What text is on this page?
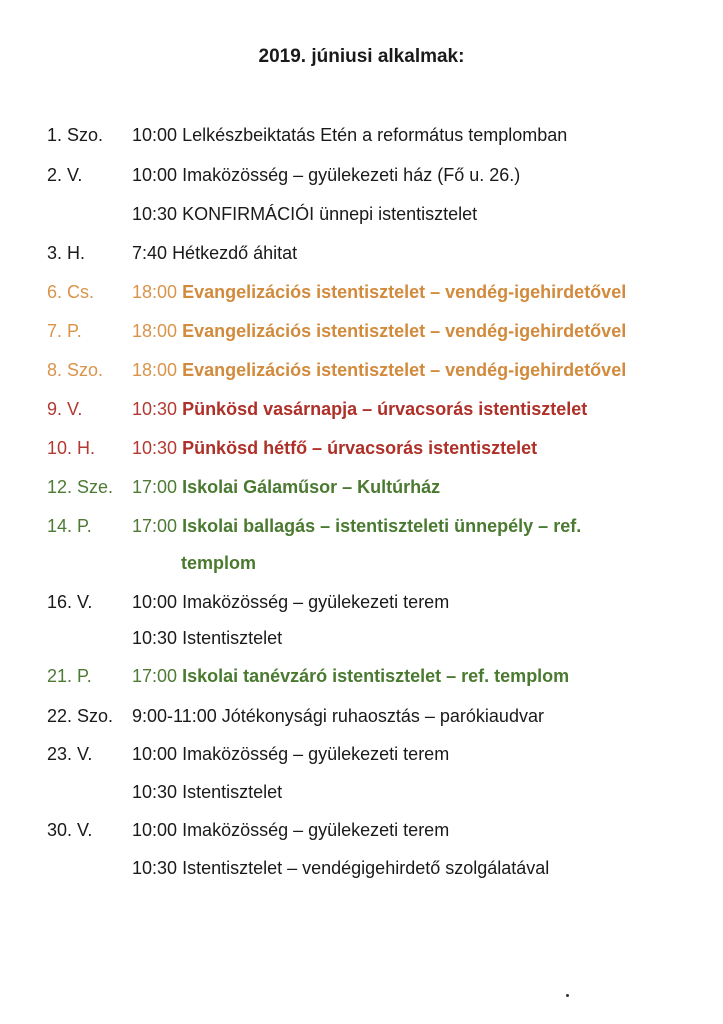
2019. júniusi alkalmak:
1. Szo. 10:00 Lelkészbeiktatás Etén a református templomban
2. V.	10:00 Imaközösség – gyülekezeti ház (Fő u. 26.)
10:30 KONFIRMÁCIÓI ünnepi istentisztelet
3. H.	7:40 Hétkezdő áhitat
6. Cs. 18:00 Evangelizációs istentisztelet – vendég-igehirdetővel
7. P.	18:00 Evangelizációs istentisztelet – vendég-igehirdetővel
8. Szo. 18:00 Evangelizációs istentisztelet – vendég-igehirdetővel
9. V.	10:30 Pünkösd vasárnapja – úrvacsorás istentisztelet
10. H. 10:30 Pünkösd hétfő – úrvacsorás istentisztelet
12. Sze. 17:00 Iskolai Gálaműsor – Kultúrház
14. P. 17:00 Iskolai ballagás – istentiszteleti ünnepély – ref.
templom
16. V. 10:00 Imaközösség – gyülekezeti terem
10:30 Istentisztelet
21. P. 17:00 Iskolai tanévzáró istentisztelet – ref. templom
22. Szo. 9:00-11:00 Jótékonysági ruhaosztás – parókiaudvar
23. V. 10:00 Imaközösség – gyülekezeti terem
10:30 Istentisztelet
30. V. 10:00 Imaközösség – gyülekezeti terem
10:30 Istentisztelet – vendégigehirdető szolgálatával
